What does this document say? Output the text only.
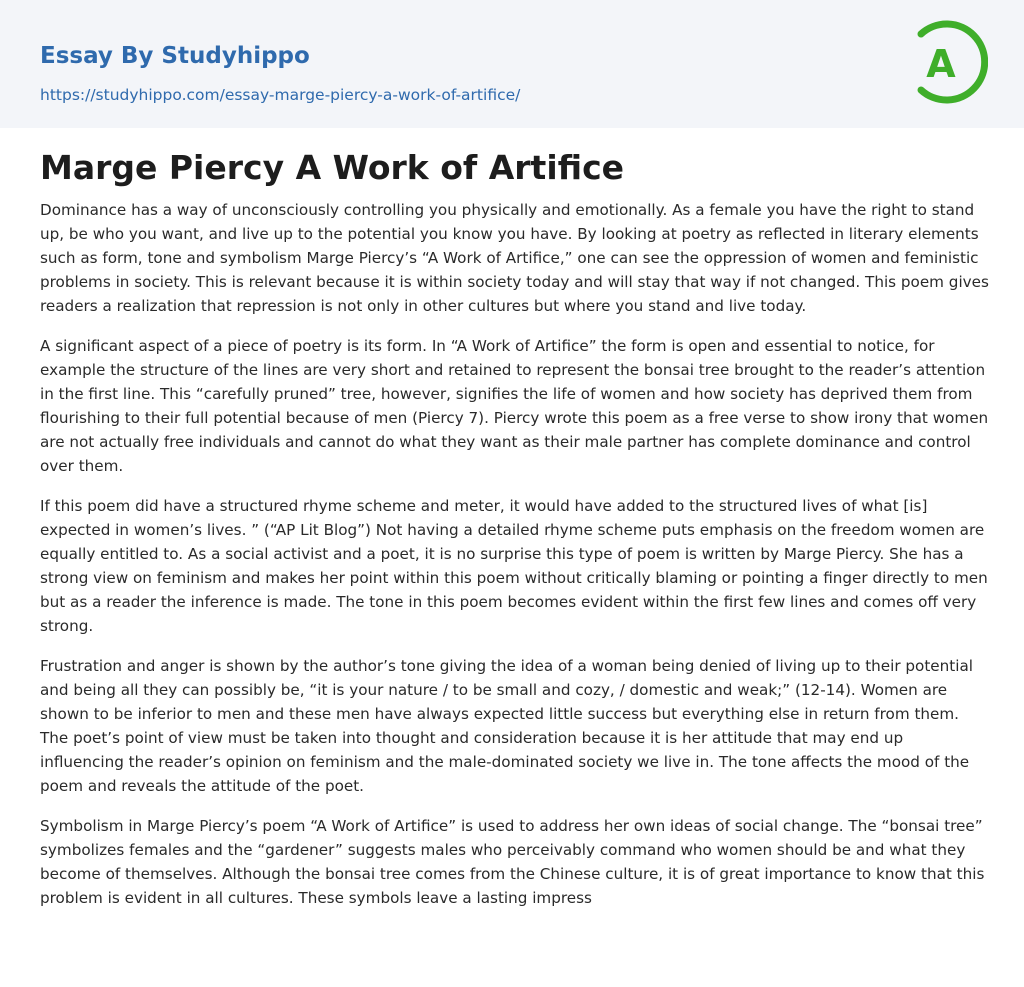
Essay By Studyhippo
https://studyhippo.com/essay-marge-piercy-a-work-of-artifice/
A
Marge Piercy A Work of Artifice

Dominance has a way of unconsciously controlling you physically and emotionally. As a female you have the right to stand up, be who you want, and live up to the potential you know you have. By looking at poetry as reflected in literary elements such as form, tone and symbolism Marge Piercy’s “A Work of Artifice,” one can see the oppression of women and feministic problems in society. This is relevant because it is within society today and will stay that way if not changed. This poem gives readers a realization that repression is not only in other cultures but where you stand and live today.

A significant aspect of a piece of poetry is its form. In “A Work of Artifice” the form is open and essential to notice, for example the structure of the lines are very short and retained to represent the bonsai tree brought to the reader’s attention in the first line. This “carefully pruned” tree, however, signifies the life of women and how society has deprived them from flourishing to their full potential because of men (Piercy 7). Piercy wrote this poem as a free verse to show irony that women are not actually free individuals and cannot do what they want as their male partner has complete dominance and control over them.

If this poem did have a structured rhyme scheme and meter, it would have added to the structured lives of what [is] expected in women’s lives. ” (“AP Lit Blog”) Not having a detailed rhyme scheme puts emphasis on the freedom women are equally entitled to. As a social activist and a poet, it is no surprise this type of poem is written by Marge Piercy. She has a strong view on feminism and makes her point within this poem without critically blaming or pointing a finger directly to men but as a reader the inference is made. The tone in this poem becomes evident within the first few lines and comes off very strong.

Frustration and anger is shown by the author’s tone giving the idea of a woman being denied of living up to their potential and being all they can possibly be, “it is your nature / to be small and cozy, / domestic and weak;” (12-14). Women are shown to be inferior to men and these men have always expected little success but everything else in return from them. The poet’s point of view must be taken into thought and consideration because it is her attitude that may end up influencing the reader’s opinion on feminism and the male-dominated society we live in. The tone affects the mood of the poem and reveals the attitude of the poet.

Symbolism in Marge Piercy’s poem “A Work of Artifice” is used to address her own ideas of social change. The “bonsai tree” symbolizes females and the “gardener” suggests males who perceivably command who women should be and what they become of themselves. Although the bonsai tree comes from the Chinese culture, it is of great importance to know that this problem is evident in all cultures. These symbols leave a lasting impress
